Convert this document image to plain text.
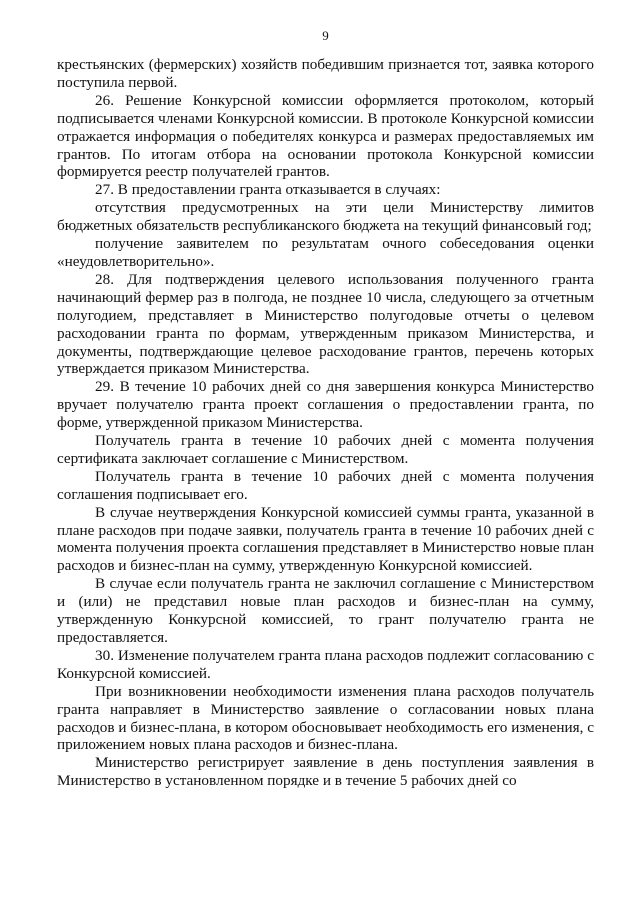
9

крестьянских (фермерских) хозяйств победившим признается тот, заявка которого поступила первой.

26. Решение Конкурсной комиссии оформляется протоколом, который подписывается членами Конкурсной комиссии. В протоколе Конкурсной комиссии отражается информация о победителях конкурса и размерах предоставляемых им грантов. По итогам отбора на основании протокола Конкурсной комиссии формируется реестр получателей грантов.

27. В предоставлении гранта отказывается в случаях:

отсутствия предусмотренных на эти цели Министерству лимитов бюджетных обязательств республиканского бюджета на текущий финансовый год;

получение заявителем по результатам очного собеседования оценки «неудовлетворительно».

28. Для подтверждения целевого использования полученного гранта начинающий фермер раз в полгода, не позднее 10 числа, следующего за отчетным полугодием, представляет в Министерство полугодовые отчеты о целевом расходовании гранта по формам, утвержденным приказом Министерства, и документы, подтверждающие целевое расходование грантов, перечень которых утверждается приказом Министерства.

29. В течение 10 рабочих дней со дня завершения конкурса Министерство вручает получателю гранта проект соглашения о предоставлении гранта, по форме, утвержденной приказом Министерства.

Получатель гранта в течение 10 рабочих дней с момента получения сертификата заключает соглашение с Министерством.

Получатель гранта в течение 10 рабочих дней с момента получения соглашения подписывает его.

В случае неутверждения Конкурсной комиссией суммы гранта, указанной в плане расходов при подаче заявки, получатель гранта в течение 10 рабочих дней с момента получения проекта соглашения представляет в Министерство новые план расходов и бизнес-план на сумму, утвержденную Конкурсной комиссией.

В случае если получатель гранта не заключил соглашение с Министерством и (или) не представил новые план расходов и бизнес-план на сумму, утвержденную Конкурсной комиссией, то грант получателю гранта не предоставляется.

30. Изменение получателем гранта плана расходов подлежит согласованию с Конкурсной комиссией.

При возникновении необходимости изменения плана расходов получатель гранта направляет в Министерство заявление о согласовании новых плана расходов и бизнес-плана, в котором обосновывает необходимость его изменения, с приложением новых плана расходов и бизнес-плана.

Министерство регистрирует заявление в день поступления заявления в Министерство в установленном порядке и в течение 5 рабочих дней со
